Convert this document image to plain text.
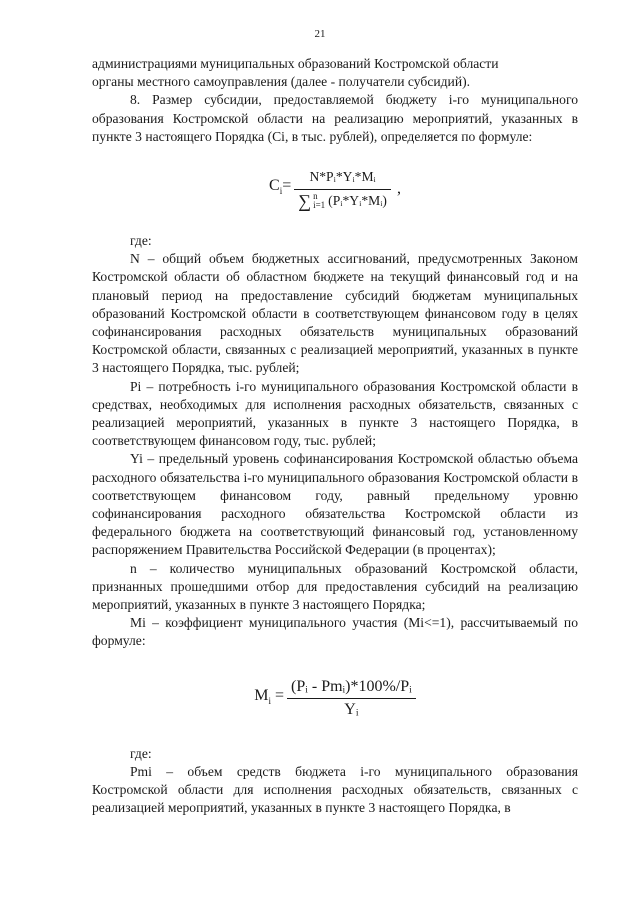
21

администрациями муниципальных образований Костромской области

органы местного самоуправления (далее - получатели субсидий).

8. Размер субсидии, предоставляемой бюджету i-го муниципального образования Костромской области на реализацию мероприятий, указанных в пункте 3 настоящего Порядка (Ci, в тыс. рублей), определяется по формуле:

$C_i=$
N*Pᵢ*Yᵢ*Mᵢ
∑ n
i=1 (Pᵢ*Yᵢ*Mᵢ)
,

где:

N – общий объем бюджетных ассигнований, предусмотренных Законом Костромской области об областном бюджете на текущий финансовый год и на плановый период на предоставление субсидий бюджетам муниципальных образований Костромской области в соответствующем финансовом году в целях софинансирования расходных обязательств муниципальных образований Костромской области, связанных с реализацией мероприятий, указанных в пункте 3 настоящего Порядка, тыс. рублей;

Pi – потребность i-го муниципального образования Костромской области в средствах, необходимых для исполнения расходных обязательств, связанных с реализацией мероприятий, указанных в пункте 3 настоящего Порядка, в соответствующем финансовом году, тыс. рублей;

Yi – предельный уровень софинансирования Костромской областью объема расходного обязательства i-го муниципального образования Костромской области в соответствующем финансовом году, равный предельному уровню софинансирования расходного обязательства Костромской области из федерального бюджета на соответствующий финансовый год, установленному распоряжением Правительства Российской Федерации (в процентах);

n – количество муниципальных образований Костромской области, признанных прошедшими отбор для предоставления субсидий на реализацию мероприятий, указанных в пункте 3 настоящего Порядка;

Mi – коэффициент муниципального участия (Mi<=1), рассчитываемый по формуле:

$M_i = \frac{\text{(Pᵢ - Pmᵢ)*100\%/Pᵢ}}{\text{Yᵢ}}$

где:

Pmi – объем средств бюджета i-го муниципального образования Костромской области для исполнения расходных обязательств, связанных с реализацией мероприятий, указанных в пункте 3 настоящего Порядка, в
